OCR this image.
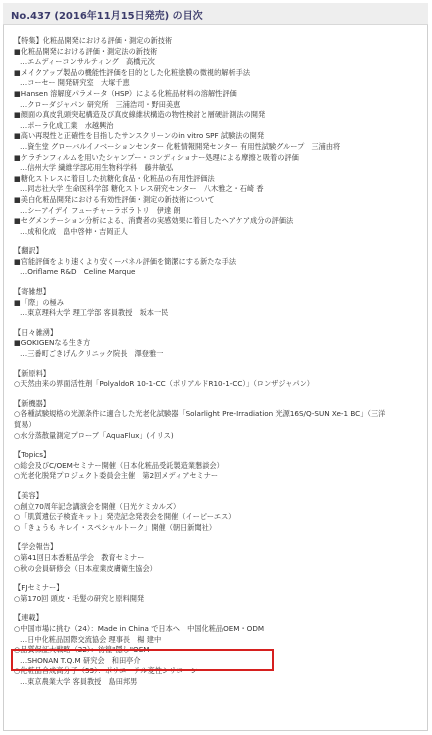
No.437 (2016年11月15日発売) の目次
【特集】化粧品開発における評価・測定の新技術
■化粧品開発における評価・測定法の新技術
…エムディーコンサルティング　高橋元次
■メイクアップ製品の機能性評価を目的とした化粧塗膜の微視的解析手法
…コーセー 開発研究室　大塚千恵
■Hansen 溶解度パラメータ（HSP）による化粧品材料の溶解性評価
…クローダジャパン 研究所　三浦浩司・野田美恵
■顔面の真皮乳頭突起構造及び真皮線維状構造の物性検討と層硬計測法の開発
…ポーラ化成工業　水越興治
■高い再現性と正確性を目指したサンスクリーンのin vitro SPF 試験法の開発
…資生堂 グローバルイノベーションセンター 化粧情報開発センター 有用性試験グループ　三浦由将
■ケラチンフィルムを用いたシャンプー・コンディショナー処理による摩擦と吸着の評価
…信州大学 繊維学部応用生物科学科　藤井敏弘
■糖化ストレスに着目した抗糖化食品・化粧品の有用性評価法
…同志社大学 生命医科学部 糖化ストレス研究センター　八木雅之・石崎 香
■美白化粧品開発における有効性評価・測定の新技術について
…シーアイデイ フューチャーラボラトリ　伊達 朗
■セグメンテーション分析による、消費者の実感効果に着目したヘアケア成分の評価法
…成和化成　畠中啓伸・吉岡正人
【翻訳】
■官能評価をより速くより安くーパネル評価を簡潔にする新たな手法
…Oriflame R&D　Celine Marque
【寄雑想】
■「際」の極み
…東京理科大学 理工学部 客員教授　坂本一民
【日々雑湧】
■GOKIGENなる生き方
…三番町ごきげんクリニック院長　澤登雅一
【新原料】
○天然由来の界面活性剤「PolyaldoR 10-1-CC（ポリアルドR10-1-CC）」（ロンザジャパン）
【新機器】
○各種試験規格の光源条件に適合した光老化試験器「Solarlight Pre-Irradiation 光源16S/Q-SUN Xe-1 BC」（三洋
貿易）
○水分蒸散量測定プローブ「AquaFlux」(イリス)
【Topics】
○総会及びC/OEMセミナー開催（日本化粧品受託製造業懇談会）
○光老化脱発プロジェクト委員会主催　第2回メディアセミナー
【美容】
○創立70周年記念講演会を開催（日光ケミカルズ）
○「肌質遺伝子検査キット」発売記念発表会を開催（イーピーエス）
○「きょうも キレイ・スペシャルトーク」開催（朝日新聞社）
【学会報告】
○第41回日本香粧品学会　教育セミナー
○秋の会員研修会（日本産業皮膚衛生協会）
【FJセミナー】
○第170回 頭皮・毛髪の研究と原料開発
【連載】
○中国市場に挑む（24）：Made in China で日本へ　中国化粧品OEM・ODM
…日中化粧品国際交流協会 理事長　楊 建中
○品質保証大戦略（22）：彷徨"隠し"OEM
…SHONAN T.Q.M 研究会　和田亭介
○化粧品合成高分子（53）：ポリエーテル変性シリコーン
…東京農業大学 客員教授　島田邦男
